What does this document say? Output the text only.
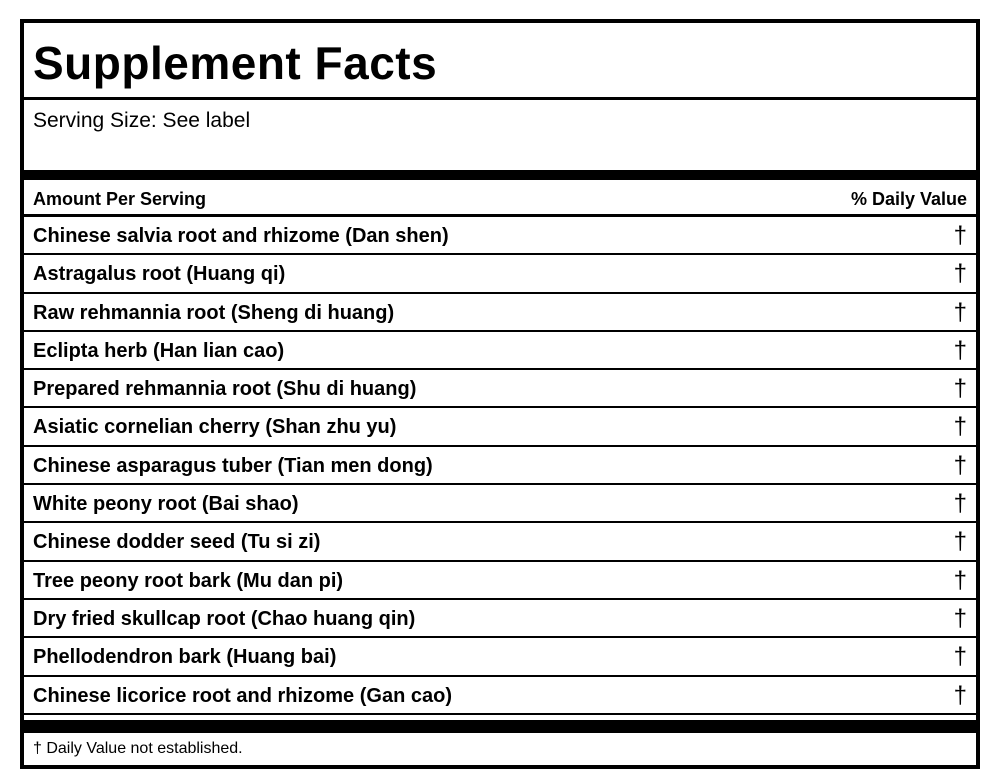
Supplement Facts
Serving Size: See label
Amount Per Serving	% Daily Value
Chinese salvia root and rhizome (Dan shen)	†
Astragalus root (Huang qi)	†
Raw rehmannia root (Sheng di huang)	†
Eclipta herb (Han lian cao)	†
Prepared rehmannia root (Shu di huang)	†
Asiatic cornelian cherry (Shan zhu yu)	†
Chinese asparagus tuber (Tian men dong)	†
White peony root (Bai shao)	†
Chinese dodder seed (Tu si zi)	†
Tree peony root bark (Mu dan pi)	†
Dry fried skullcap root (Chao huang qin)	†
Phellodendron bark (Huang bai)	†
Chinese licorice root and rhizome (Gan cao)	†
† Daily Value not established.
